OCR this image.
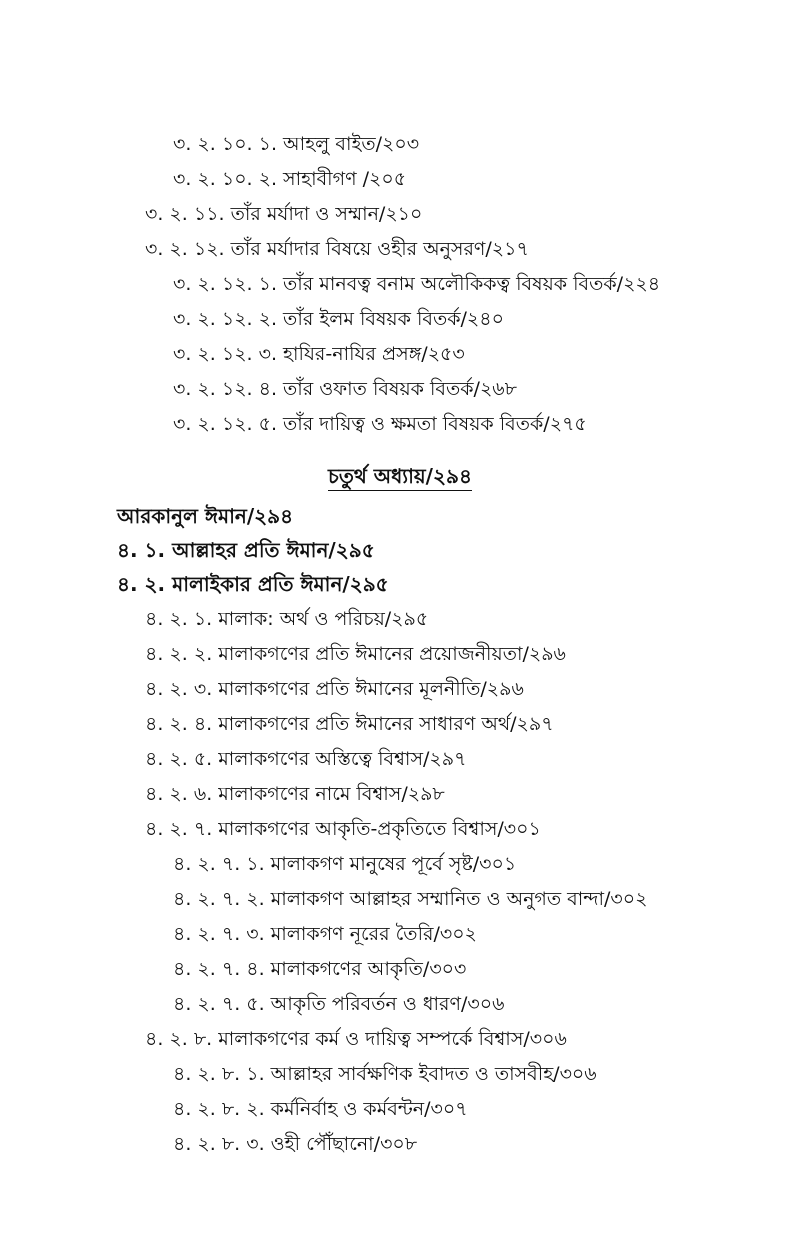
৩. ২. ১০. ১. আহলু বাইত/২০৩
৩. ২. ১০. ২. সাহাবীগণ /২০৫
৩. ২. ১১. তাঁর মর্যাদা ও সম্মান/২১০
৩. ২. ১২. তাঁর মর্যাদার বিষয়ে ওহীর অনুসরণ/২১৭
৩. ২. ১২. ১. তাঁর মানবত্ব বনাম অলৌকিকত্ব বিষয়ক বিতর্ক/২২৪
৩. ২. ১২. ২. তাঁর ইলম বিষয়ক বিতর্ক/২৪০
৩. ২. ১২. ৩. হাযির-নাযির প্রসঙ্গ/২৫৩
৩. ২. ১২. ৪. তাঁর ওফাত বিষয়ক বিতর্ক/২৬৮
৩. ২. ১২. ৫. তাঁর দায়িত্ব ও ক্ষমতা বিষয়ক বিতর্ক/২৭৫
চতুর্থ অধ্যায়/২৯৪
আরকানুল ঈমান/২৯৪
৪. ১. আল্লাহর প্রতি ঈমান/২৯৫
৪. ২. মালাইকার প্রতি ঈমান/২৯৫
৪. ২. ১. মালাক: অর্থ ও পরিচয়/২৯৫
৪. ২. ২. মালাকগণের প্রতি ঈমানের প্রয়োজনীয়তা/২৯৬
৪. ২. ৩. মালাকগণের প্রতি ঈমানের মূলনীতি/২৯৬
৪. ২. ৪. মালাকগণের প্রতি ঈমানের সাধারণ অর্থ/২৯৭
৪. ২. ৫. মালাকগণের অস্তিত্বে বিশ্বাস/২৯৭
৪. ২. ৬. মালাকগণের নামে বিশ্বাস/২৯৮
৪. ২. ৭. মালাকগণের আকৃতি-প্রকৃতিতে বিশ্বাস/৩০১
৪. ২. ৭. ১. মালাকগণ মানুষের পূর্বে সৃষ্ট/৩০১
৪. ২. ৭. ২. মালাকগণ আল্লাহর সম্মানিত ও অনুগত বান্দা/৩০২
৪. ২. ৭. ৩. মালাকগণ নূরের তৈরি/৩০২
৪. ২. ৭. ৪. মালাকগণের আকৃতি/৩০৩
৪. ২. ৭. ৫. আকৃতি পরিবর্তন ও ধারণ/৩০৬
৪. ২. ৮. মালাকগণের কর্ম ও দায়িত্ব সম্পর্কে বিশ্বাস/৩০৬
৪. ২. ৮. ১. আল্লাহর সার্বক্ষণিক ইবাদত ও তাসবীহ/৩০৬
৪. ২. ৮. ২. কর্মনির্বাহ ও কর্মবন্টন/৩০৭
৪. ২. ৮. ৩. ওহী পৌঁছানো/৩০৮
